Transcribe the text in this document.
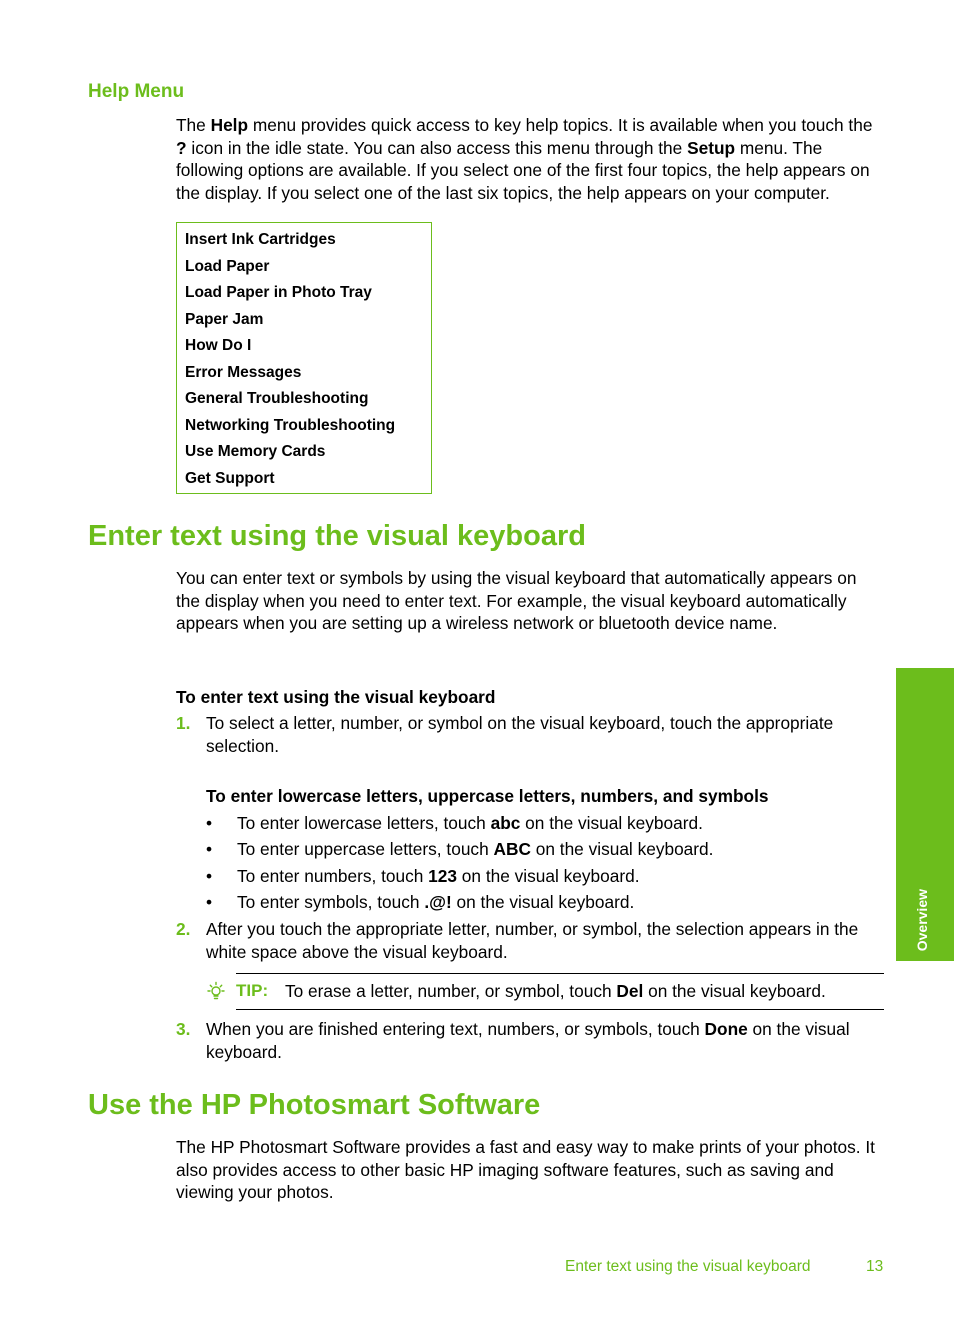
Help Menu

The Help menu provides quick access to key help topics. It is available when you touch the ? icon in the idle state. You can also access this menu through the Setup menu. The following options are available. If you select one of the first four topics, the help appears on the display. If you select one of the last six topics, the help appears on your computer.

Insert Ink Cartridges
Load Paper
Load Paper in Photo Tray
Paper Jam
How Do I
Error Messages
General Troubleshooting
Networking Troubleshooting
Use Memory Cards
Get Support
Enter text using the visual keyboard

You can enter text or symbols by using the visual keyboard that automatically appears on the display when you need to enter text. For example, the visual keyboard automatically appears when you are setting up a wireless network or bluetooth device name.

To enter text using the visual keyboard

1. To select a letter, number, or symbol on the visual keyboard, touch the appropriate selection.

To enter lowercase letters, uppercase letters, numbers, and symbols

• To enter lowercase letters, touch abc on the visual keyboard.

• To enter uppercase letters, touch ABC on the visual keyboard.

• To enter numbers, touch 123 on the visual keyboard.

• To enter symbols, touch .@! on the visual keyboard.

2. After you touch the appropriate letter, number, or symbol, the selection appears in the white space above the visual keyboard.

TIP: To erase a letter, number, or symbol, touch Del on the visual keyboard.

3. When you are finished entering text, numbers, or symbols, touch Done on the visual keyboard.

Use the HP Photosmart Software

The HP Photosmart Software provides a fast and easy way to make prints of your photos. It also provides access to other basic HP imaging software features, such as saving and viewing your photos.

Overview
Enter text using the visual keyboard	13
